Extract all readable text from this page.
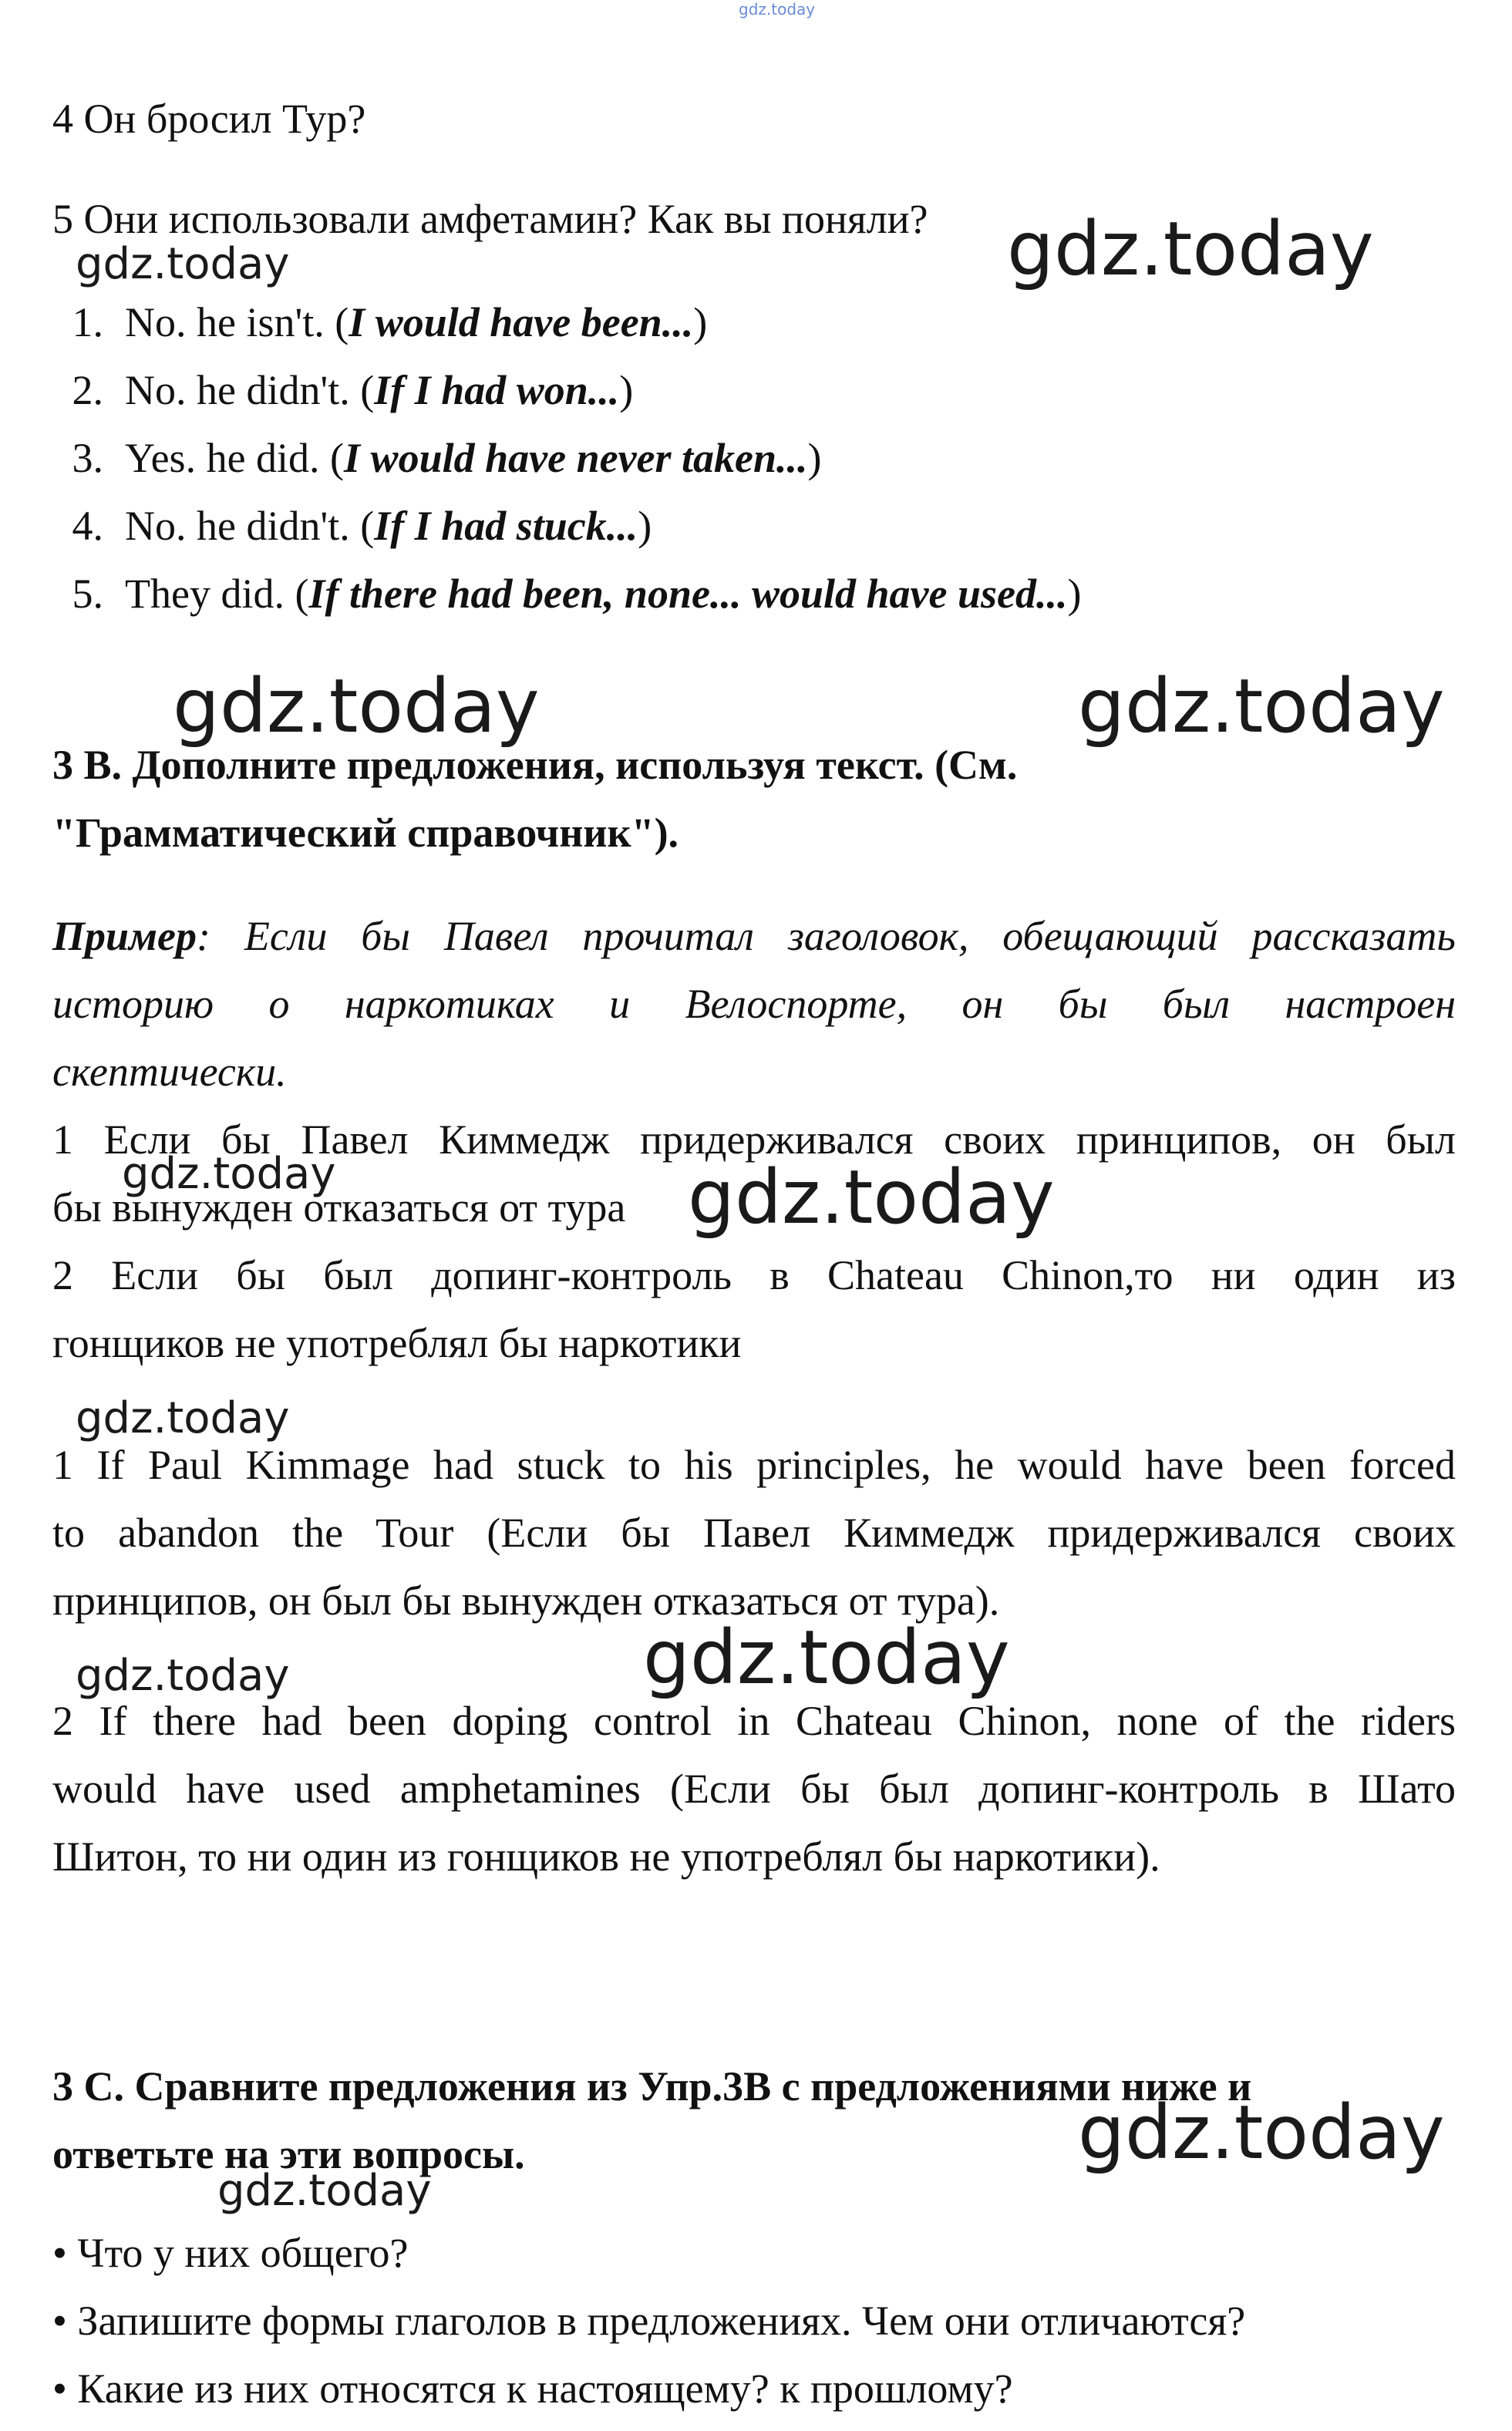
gdz.today

4 Он бросил Тур?

5 Они использовали амфетамин? Как вы поняли?

1. No. he isn't. (I would have been...)
2. No. he didn't. (If I had won...)
3. Yes. he did. (I would have never taken...)
4. No. he didn't. (If I had stuck...)
5. They did. (If there had been, none... would have used...)

3 B. Дополните предложения, используя текст. (См.

"Грамматический справочник").

Пример: Если бы Павел прочитал заголовок, обещающий рассказать

историю о наркотиках и Велоспорте, он бы был настроен

скептически.

1 Если бы Павел Киммедж придерживался своих принципов, он был

бы вынужден отказаться от тура

2 Если бы был допинг-контроль в Chateau Chinon,то ни один из

гонщиков не употреблял бы наркотики

1 If Paul Kimmage had stuck to his principles, he would have been forced

to abandon the Tour (Если бы Павел Киммедж придерживался своих

принципов, он был бы вынужден отказаться от тура).

2 If there had been doping control in Chateau Chinon, none of the riders

would have used amphetamines (Если бы был допинг-контроль в Шато

Шитон, то ни один из гонщиков не употреблял бы наркотики).

3 C. Сравните предложения из Упр.3B с предложениями ниже и

ответьте на эти вопросы.

• Что у них общего?

• Запишите формы глаголов в предложениях. Чем они отличаются?

• Какие из них относятся к настоящему? к прошлому?

gdz.today	gdz.today
gdz.today	gdz.today
gdz.today	gdz.today
gdz.today
gdz.today	gdz.today
gdz.today
gdz.today
